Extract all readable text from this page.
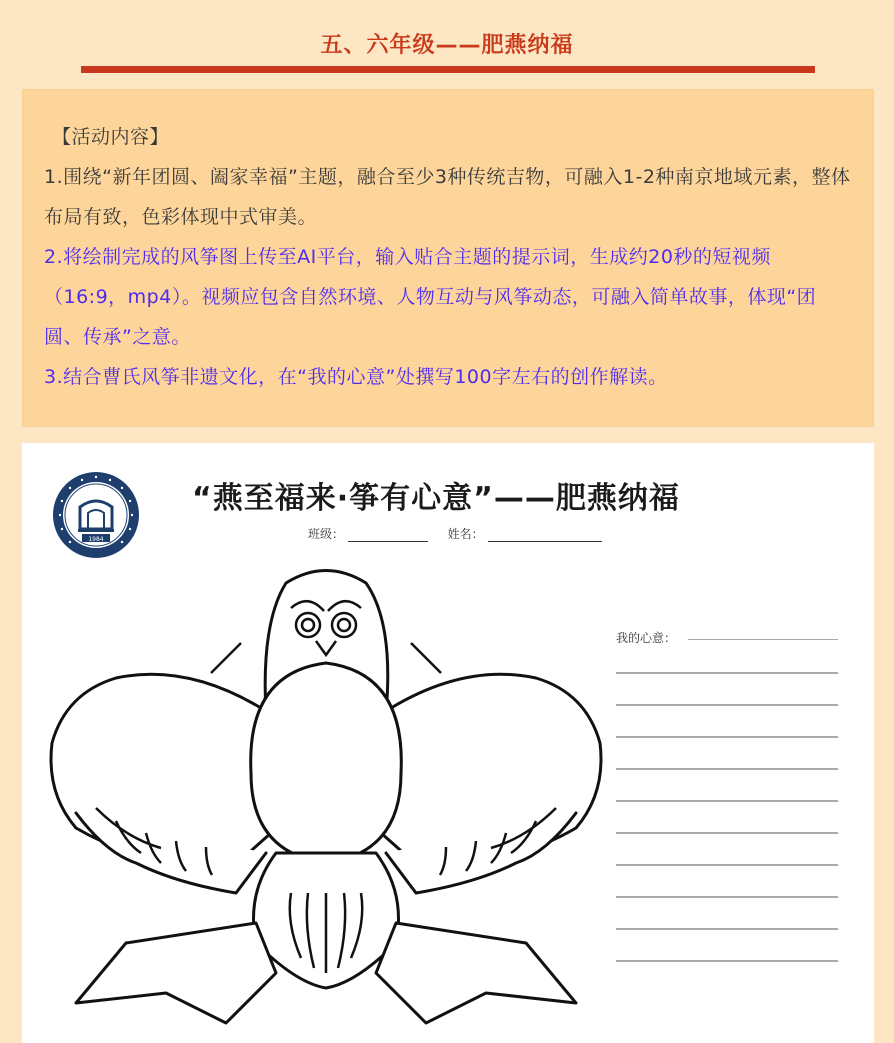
五、六年级——肥燕纳福

【活动内容】

1.围绕“新年团圆、阖家幸福”主题，融合至少3种传统吉物，可融入1-2种南京地域元素，整体布局有致，色彩体现中式审美。

2.将绘制完成的风筝图上传至AI平台，输入贴合主题的提示词，生成约20秒的短视频（16:9，mp4）。视频应包含自然环境、人物互动与风筝动态，可融入简单故事，体现“团圆、传承”之意。

3.结合曹氏风筝非遗文化，在“我的心意”处撰写100字左右的创作解读。

1984
“燕至福来·筝有心意”——肥燕纳福
班级：	姓名：
我的心意：
